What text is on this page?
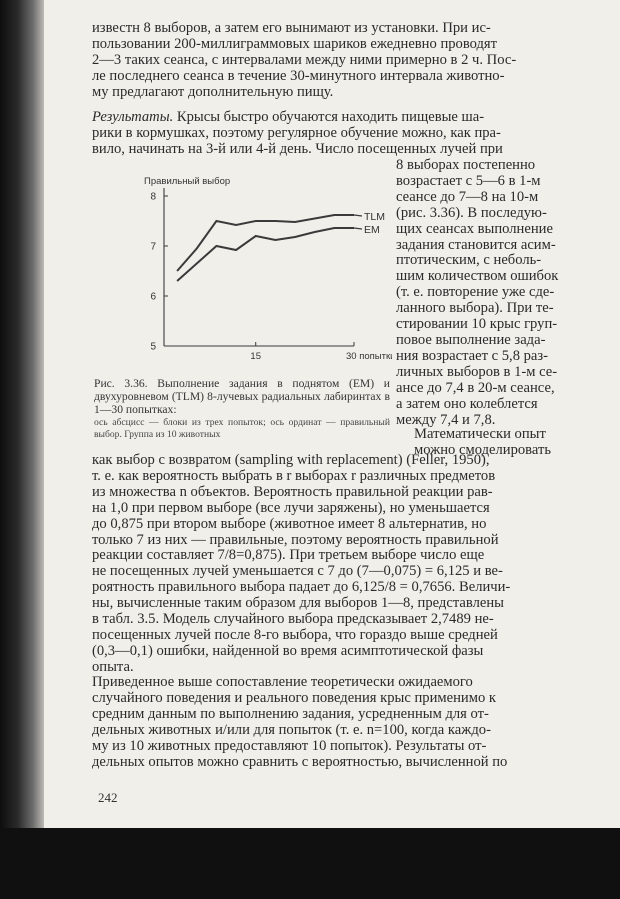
известн 8 выборов, а затем его вынимают из установки. При ис-
пользовании 200-миллиграммовых шариков ежедневно проводят
2—3 таких сеанса, с интервалами между ними примерно в 2 ч. Пос-
ле последнего сеанса в течение 30-минутного интервала животно-
му предлагают дополнительную пищу.

Результаты. Крысы быстро обучаются находить пищевые ша-
рики в кормушках, поэтому регулярное обучение можно, как пра-
вило, начинать на 3-й или 4-й день. Число посещенных лучей при

8 выборах постепенно
возрастает с 5—6 в 1-м
сеансе до 7—8 на 10-м
(рис. 3.36). В последую-
щих сеансах выполнение
задания становится асим-
птотическим, с неболь-
шим количеством ошибок
(т. е. повторение уже сде-
ланного выбора). При те-
стировании 10 крыс груп-
повое выполнение зада-
ния возрастает с 5,8 раз-
личных выборов в 1-м се-
ансе до 7,4 в 20-м сеансе,
а затем оно колеблется
между 7,4 и 7,8.

Математически опыт
можно смоделировать

Правильный выбор
5
6
7
8
15	30 попытки
TLM
EM

Рис. 3.36. Выполнение задания в поднятом (ЕМ) и двухуровневом (TLM) 8-лучевых радиальных лабиринтах в 1—30 попытках:

ось абсцисс — блоки из трех попыток; ось ординат — правильный выбор. Группа из 10 животных

как выбор с возвратом (sampling with replacement) (Feller, 1950),
т. е. как вероятность выбрать в r выборах r различных предметов
из множества n объектов. Вероятность правильной реакции рав-
на 1,0 при первом выборе (все лучи заряжены), но уменьшается
до 0,875 при втором выборе (животное имеет 8 альтернатив, но
только 7 из них — правильные, поэтому вероятность правильной
реакции составляет 7/8=0,875). При третьем выборе число еще
не посещенных лучей уменьшается с 7 до (7—0,075) = 6,125 и ве-
роятность правильного выбора падает до 6,125/8 = 0,7656. Величи-
ны, вычисленные таким образом для выборов 1—8, представлены
в табл. 3.5. Модель случайного выбора предсказывает 2,7489 не-
посещенных лучей после 8-го выбора, что гораздо выше средней
(0,3—0,1) ошибки, найденной во время асимптотической фазы
опыта.

Приведенное выше сопоставление теоретически ожидаемого
случайного поведения и реального поведения крыс применимо к
средним данным по выполнению задания, усредненным для от-
дельных животных и/или для попыток (т. е. n=100, когда каждо-
му из 10 животных предоставляют 10 попыток). Результаты от-
дельных опытов можно сравнить с вероятностью, вычисленной по

242
